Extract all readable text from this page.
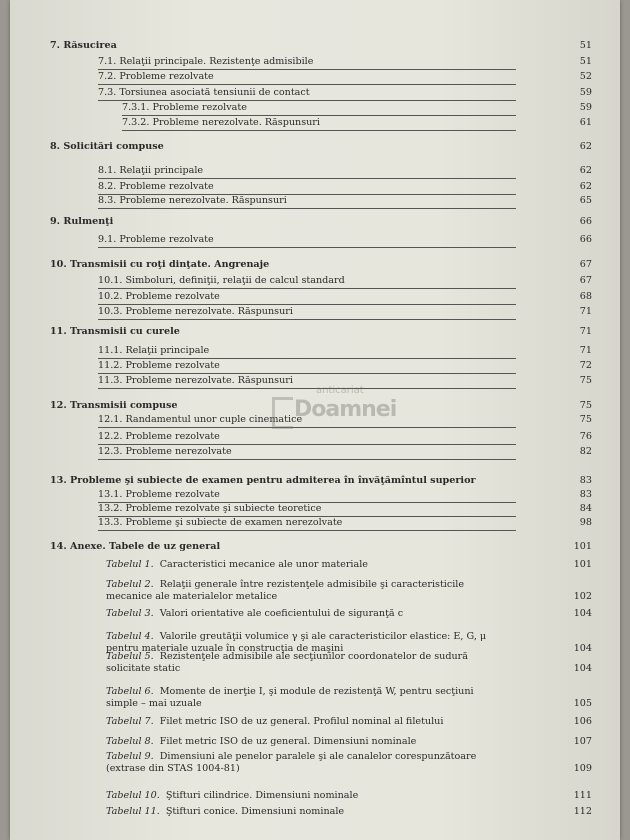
7. Răsucirea	51
7.1. Relaţii principale. Rezistenţe admisibile	51
7.2. Probleme rezolvate	52
7.3. Torsiunea asociată tensiunii de contact	59
7.3.1. Probleme rezolvate	59
7.3.2. Probleme nerezolvate. Răspunsuri	61
8. Solicitări compuse	62
8.1. Relaţii principale	62
8.2. Probleme rezolvate	62
8.3. Probleme nerezolvate. Răspunsuri	65
9. Rulmenţi	66
9.1. Probleme rezolvate	66
10. Transmisii cu roţi dinţate. Angrenaje	67
10.1. Simboluri, definiţii, relaţii de calcul standard	67
10.2. Probleme rezolvate	68
10.3. Probleme nerezolvate. Răspunsuri	71
11. Transmisii cu curele	71
11.1. Relaţii principale	71
11.2. Probleme rezolvate	72
11.3. Probleme nerezolvate. Răspunsuri	75
12. Transmisii compuse	75
12.1. Randamentul unor cuple cinematice	75
12.2. Probleme rezolvate	76
12.3. Probleme nerezolvate	82
13. Probleme şi subiecte de examen pentru admiterea în învăţămîntul superior	83
13.1. Probleme rezolvate	83
13.2. Probleme rezolvate şi subiecte teoretice	84
13.3. Probleme şi subiecte de examen nerezolvate	98
14. Anexe. Tabele de uz general	101
Tabelul 1. Caracteristici mecanice ale unor materiale	101
Tabelul 2. Relaţii generale între rezistenţele admisibile şi caracteristicile mecanice ale materialelor metalice	102
Tabelul 3. Valori orientative ale coeficientului de siguranţă c	104
Tabelul 4. Valorile greutăţii volumice γ şi ale caracteristicilor elastice: E, G, μ pentru materiale uzuale în construcţia de maşini	104
Tabelul 5. Rezistenţele admisibile ale secţiunilor coordonatelor de sudură solicitate static	104
Tabelul 6. Momente de inerţie I, şi module de rezistenţă W, pentru secţiuni simple – mai uzuale	105
Tabelul 7. Filet metric ISO de uz general. Profilul nominal al filetului	106
Tabelul 8. Filet metric ISO de uz general. Dimensiuni nominale	107
Tabelul 9. Dimensiuni ale penelor paralele şi ale canalelor corespunzătoare (extrase din STAS 1004-81)	109
Tabelul 10. Ştifturi cilindrice. Dimensiuni nominale	111
Tabelul 11. Ştifturi conice. Dimensiuni nominale	112
anticariat
Doamnei
